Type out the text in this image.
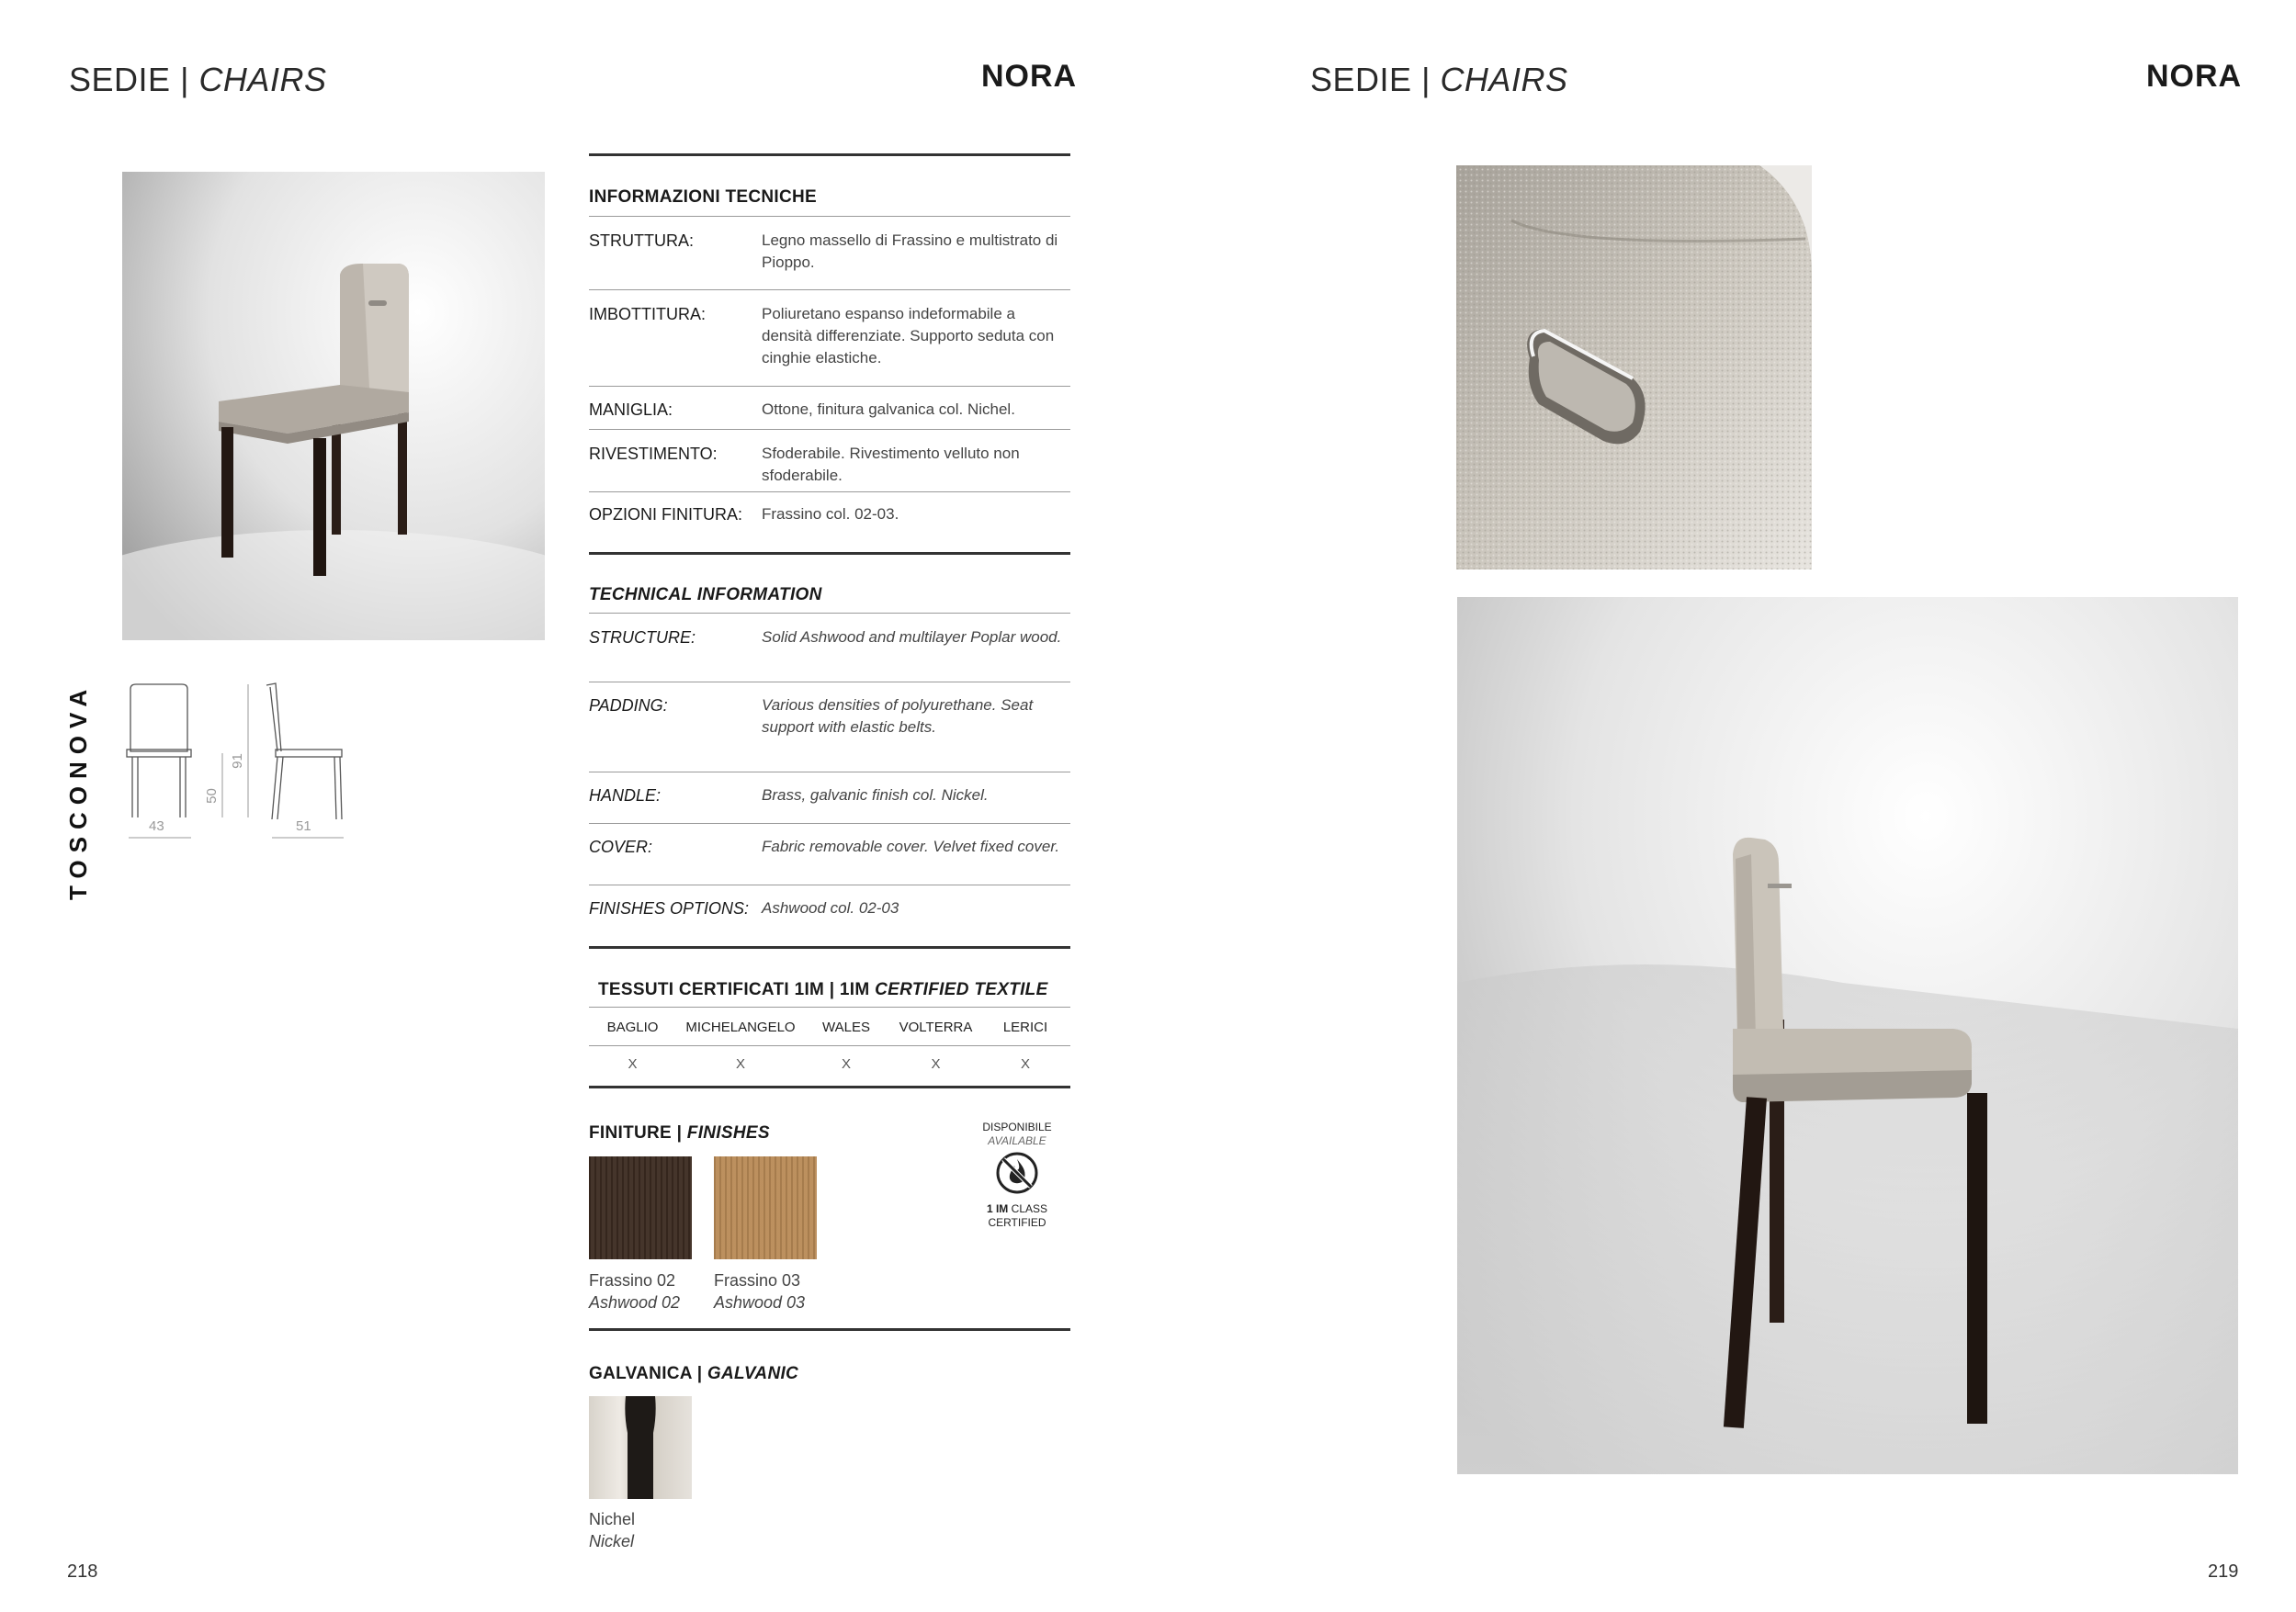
SEDIE | CHAIRS	NORA	SEDIE | CHAIRS	NORA
TOSCONOVA	43	51
50
91
INFORMAZIONI TECNICHE
STRUTTURA:	Legno massello di Frassino e multistrato di Pioppo.
IMBOTTITURA:	Poliuretano espanso indeformabile a densità differenziate. Supporto seduta con cinghie elastiche.
MANIGLIA:	Ottone, finitura galvanica col. Nichel.
RIVESTIMENTO:	Sfoderabile. Rivestimento velluto non sfoderabile.
OPZIONI FINITURA: Frassino col. 02-03.
TECHNICAL INFORMATION
STRUCTURE:	Solid Ashwood and multilayer Poplar wood.
PADDING:	Various densities of polyurethane. Seat support with elastic belts.
HANDLE:	Brass, galvanic finish col. Nickel.
COVER:	Fabric removable cover. Velvet fixed cover.
FINISHES OPTIONS: Ashwood col. 02-03
TESSUTI CERTIFICATI 1IM | 1IM CERTIFIED TEXTILE
BAGLIO	MICHELANGELO	WALES	VOLTERRA	LERICI
X	X	X	X	X
FINITURE | FINISHES
Frassino 02
Ashwood 02
Frassino 03
Ashwood 03
DISPONIBILE
AVAILABLE
1 IM CLASS
CERTIFIED
GALVANICA | GALVANIC
Nichel
Nickel
218	219
